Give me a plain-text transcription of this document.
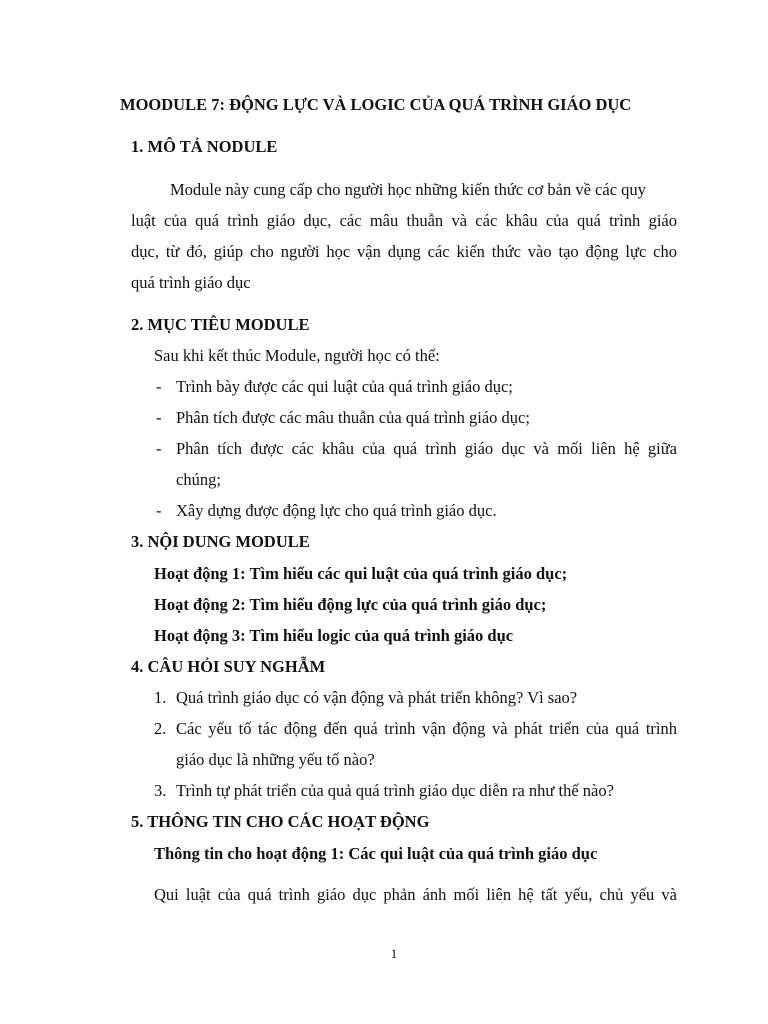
MOODULE 7: ĐỘNG LỰC VÀ LOGIC CỦA QUÁ TRÌNH GIÁO DỤC
1. MÔ TẢ NODULE
Module này cung cấp cho người học những kiến thức cơ bản về các quy
luật của quá trình giáo dục, các mâu thuẫn và các khâu của quá trình giáo
dục, từ đó, giúp cho người học vận dụng các kiến thức vào tạo động lực cho
quá trình giáo dục
2. MỤC TIÊU MODULE
Sau khi kết thúc Module, người học có thể:
- Trình bày được các qui luật của quá trình giáo dục;
- Phân tích được các mâu thuẫn của quá trình giáo dục;
- Phân tích được các khâu của quá trình giáo dục và mối liên hệ giữa
chúng;
- Xây dựng được động lực cho quá trình giáo dục.
3. NỘI DUNG MODULE
Hoạt động 1: Tìm hiểu các qui luật của quá trình giáo dục;
Hoạt động 2: Tìm hiểu động lực của quá trình giáo dục;
Hoạt động 3: Tìm hiểu logic của quá trình giáo dục
4. CÂU HỎI SUY NGHẪM
1. Quá trình giáo dục có vận động và phát triển không? Vì sao?
2. Các yếu tố tác động đến quá trình vận động và phát triển của quá trình
giáo dục là những yếu tố nào?
3. Trình tự phát triển của quả quá trình giáo dục diễn ra như thế nào?
5. THÔNG TIN CHO CÁC HOẠT ĐỘNG
Thông tin cho hoạt động 1: Các qui luật của quá trình giáo dục
Qui luật của quá trình giáo dục phản ánh mối liên hệ tất yếu, chủ yếu và
1
